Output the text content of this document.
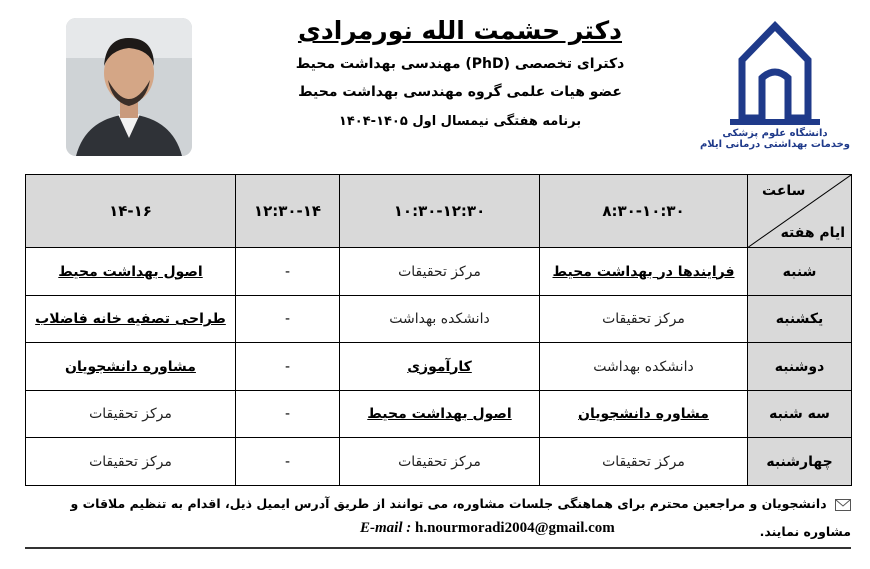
دانشگاه علوم پزشکی
وخدمات بهداشتی درمانی ایلام

دکتر حشمت الله نورمرادی

دکترای تخصصی (PhD) مهندسی بهداشت محیط

عضو هیات علمی گروه مهندسی بهداشت محیط

برنامه هفتگی نیمسال اول ۱۴۰۵-۱۴۰۴

ساعت
ایام هفته	۸:۳۰-۱۰:۳۰	۱۰:۳۰-۱۲:۳۰	۱۲:۳۰-۱۴	۱۴-۱۶
شنبه	فرایندها در بهداشت محیط	مرکز تحقیقات	-	اصول بهداشت محیط
یکشنبه	مرکز تحقیقات	دانشکده بهداشت	-	طراحی تصفیه خانه فاضلاب
دوشنبه	دانشکده بهداشت	کارآموزی	-	مشاوره دانشجویان
سه شنبه	مشاوره دانشجویان	اصول بهداشت محیط	-	مرکز تحقیقات
چهارشنبه	مرکز تحقیقات	مرکز تحقیقات	-	مرکز تحقیقات
دانشجویان و مراجعین محترم برای هماهنگی جلسات مشاوره، می توانند از طریق آدرس ایمیل ذیل، اقدام به تنظیم ملاقات و
مشاوره نمایند.
E-mail : h.nourmoradi2004@gmail.com
